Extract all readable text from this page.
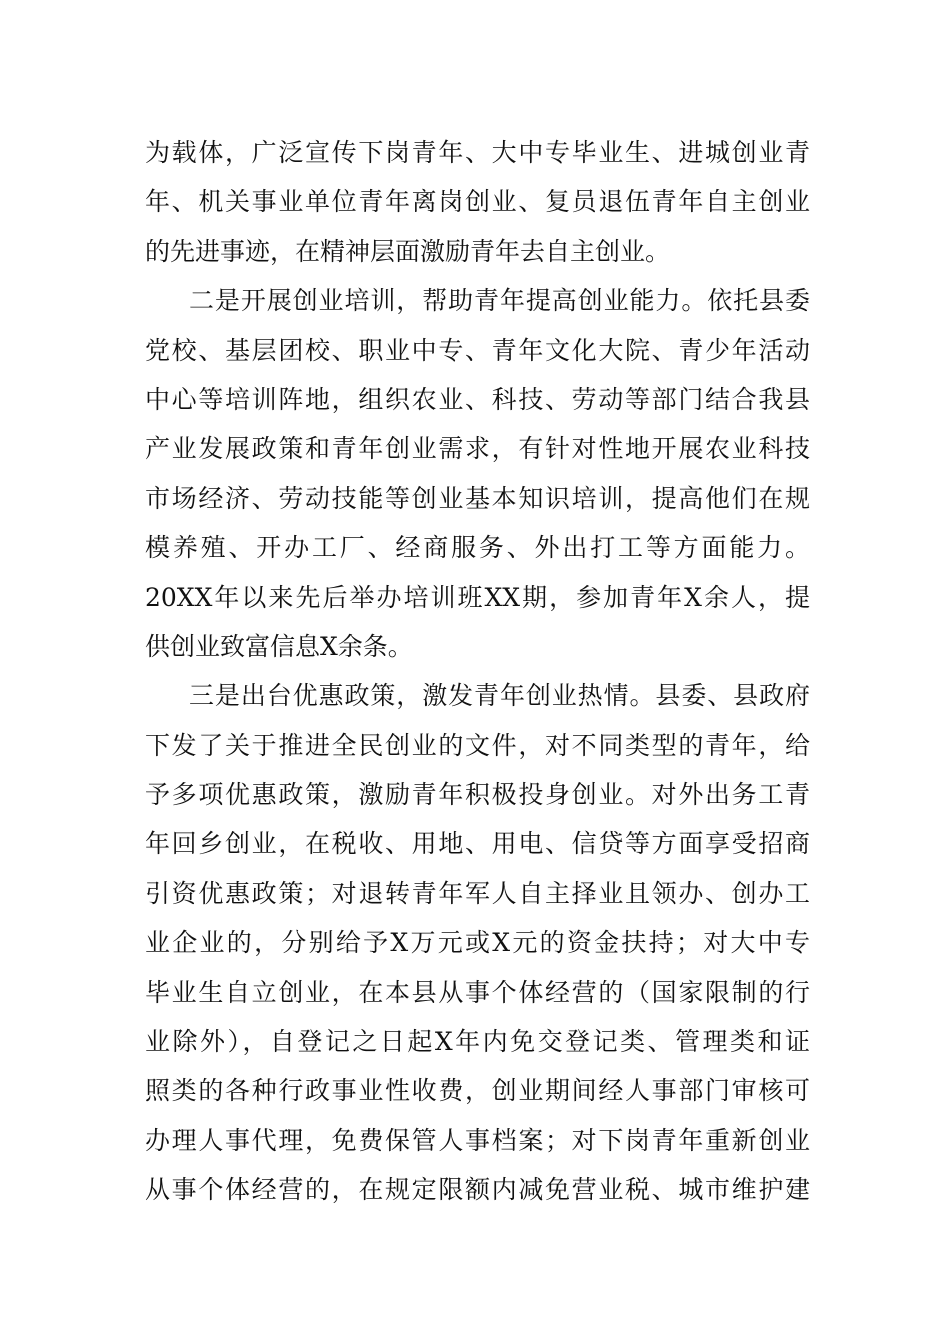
为载体，广泛宣传下岗青年、大中专毕业生、进城创业青
年、机关事业单位青年离岗创业、复员退伍青年自主创业
的先进事迹，在精神层面激励青年去自主创业。
二是开展创业培训，帮助青年提高创业能力。依托县委
党校、基层团校、职业中专、青年文化大院、青少年活动
中心等培训阵地，组织农业、科技、劳动等部门结合我县
产业发展政策和青年创业需求，有针对性地开展农业科技
市场经济、劳动技能等创业基本知识培训，提高他们在规
模养殖、开办工厂、经商服务、外出打工等方面能力。
20XX年以来先后举办培训班XX期，参加青年X余人，提
供创业致富信息X余条。
三是出台优惠政策，激发青年创业热情。县委、县政府
下发了关于推进全民创业的文件，对不同类型的青年，给
予多项优惠政策，激励青年积极投身创业。对外出务工青
年回乡创业，在税收、用地、用电、信贷等方面享受招商
引资优惠政策；对退转青年军人自主择业且领办、创办工
业企业的，分别给予X万元或X元的资金扶持；对大中专
毕业生自立创业，在本县从事个体经营的（国家限制的行
业除外），自登记之日起X年内免交登记类、管理类和证
照类的各种行政事业性收费，创业期间经人事部门审核可
办理人事代理，免费保管人事档案；对下岗青年重新创业
从事个体经营的，在规定限额内减免营业税、城市维护建
